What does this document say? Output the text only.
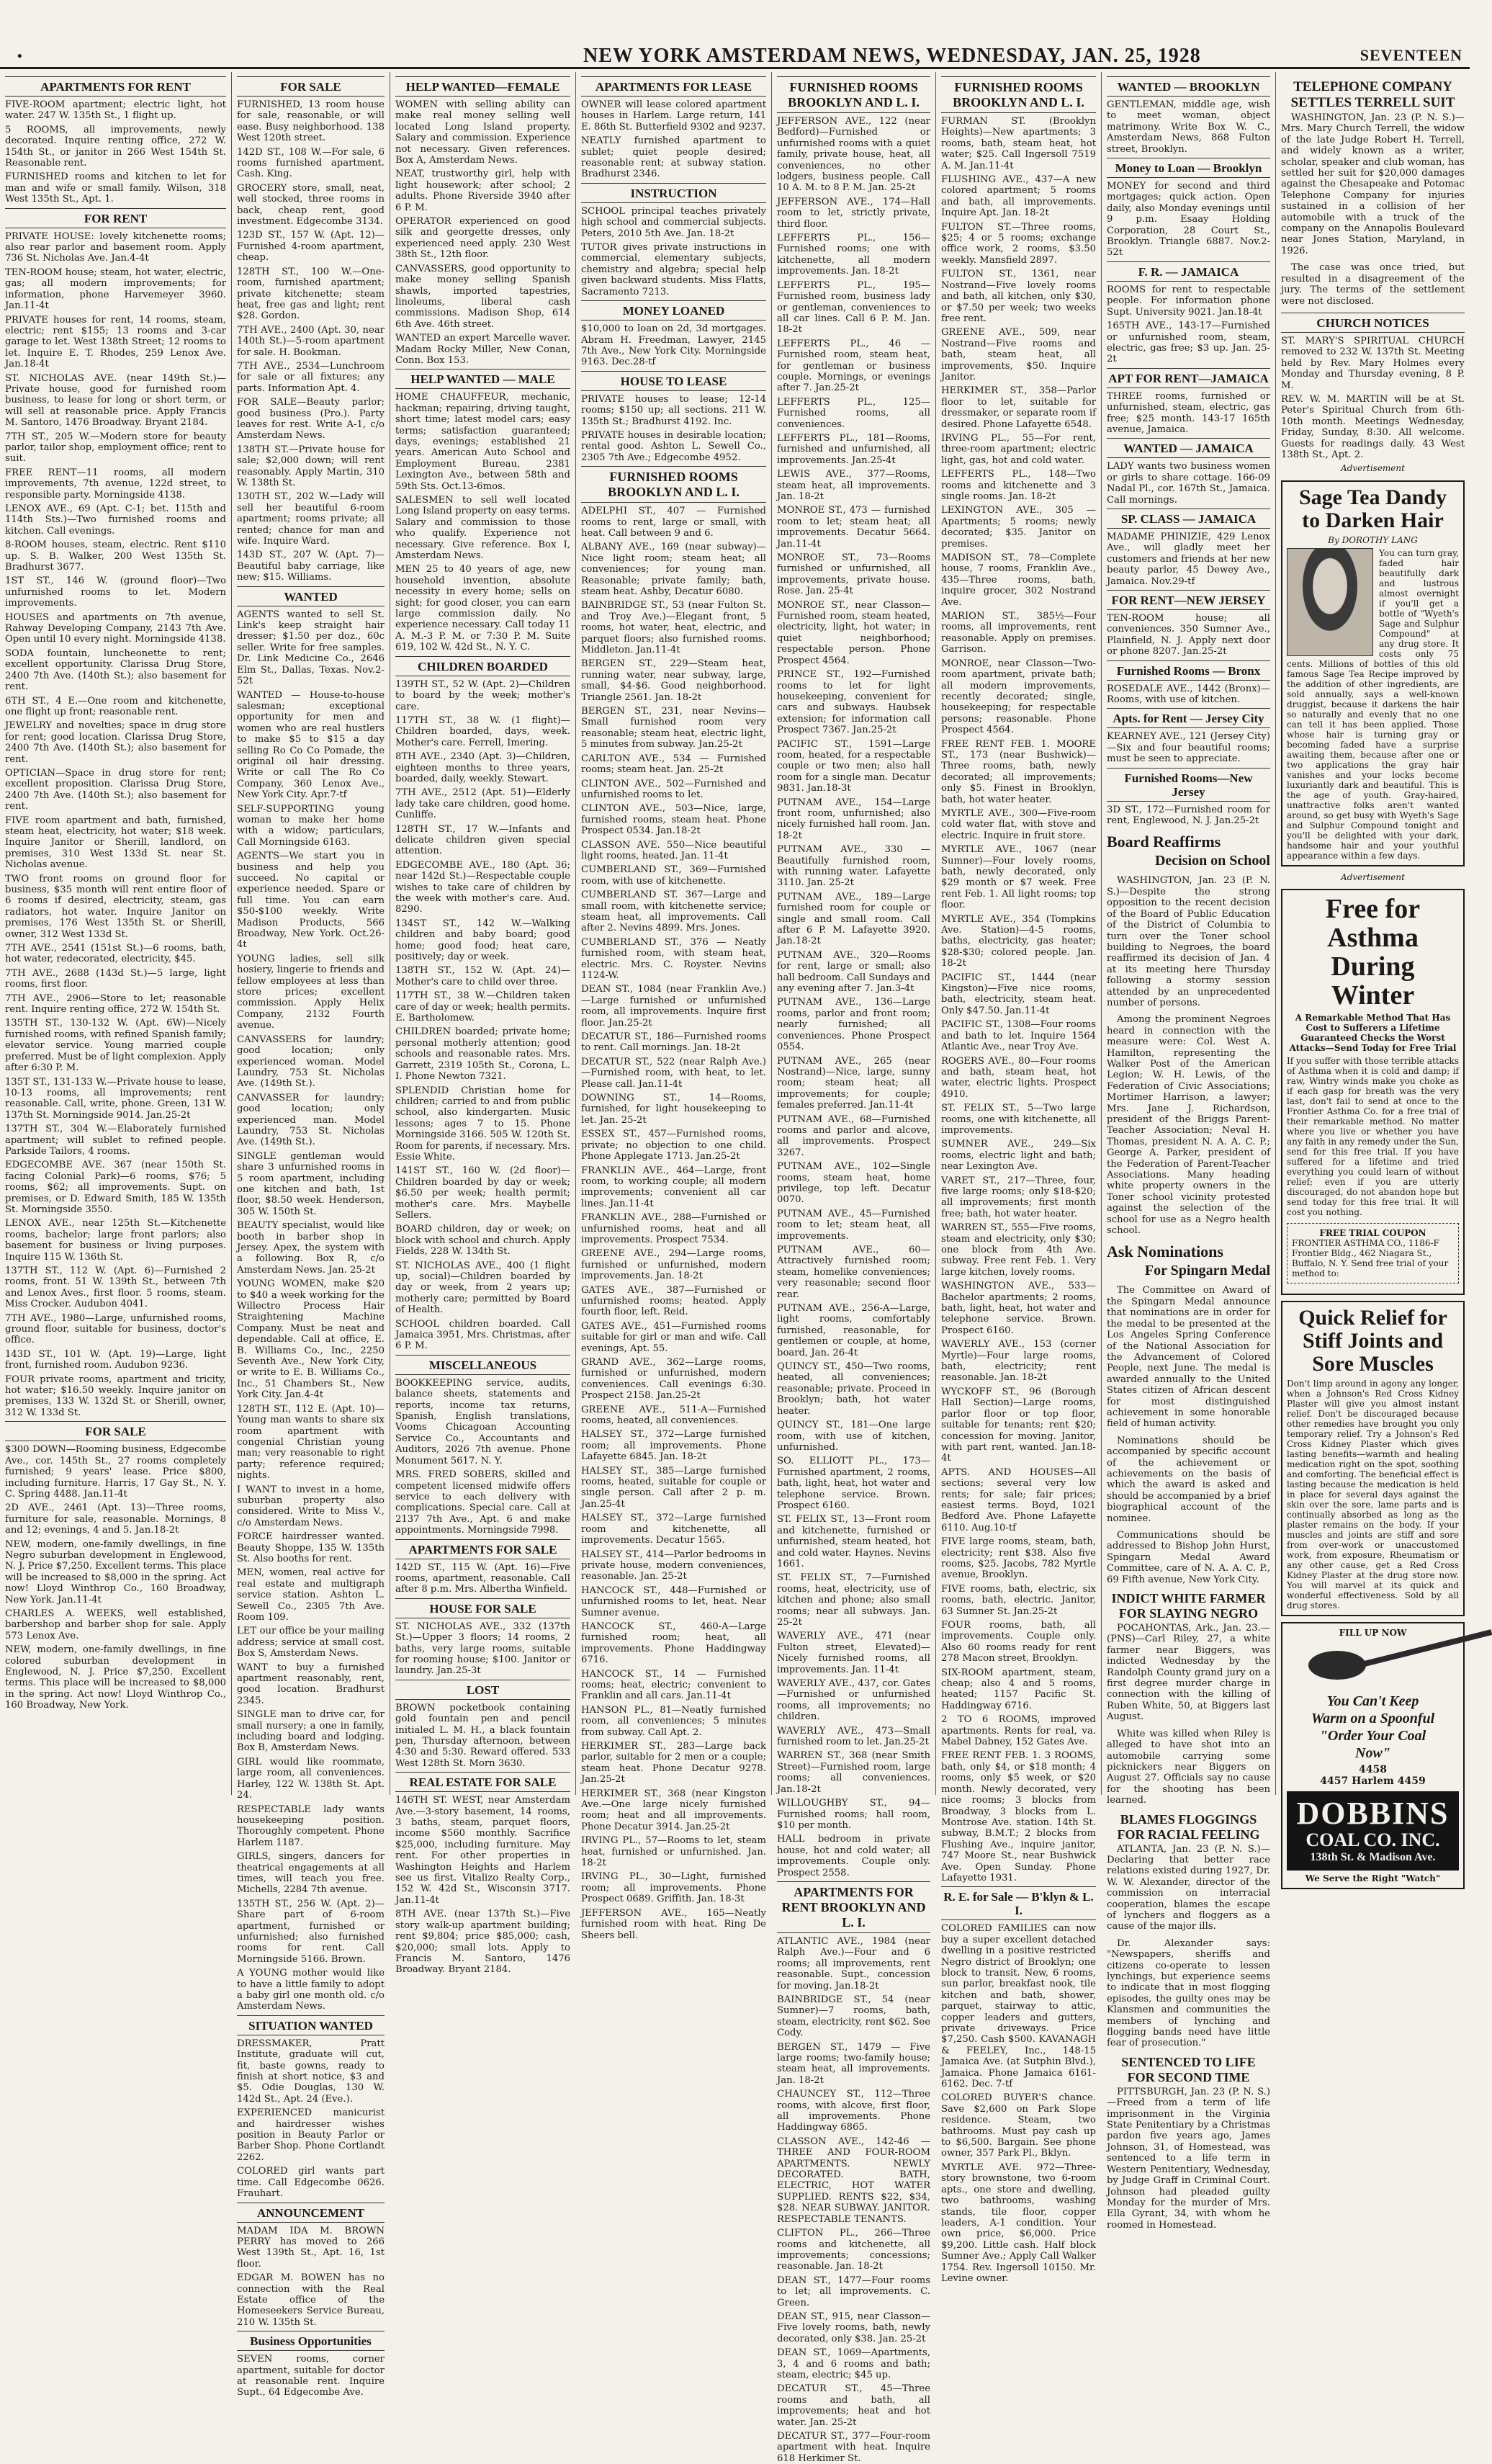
•	NEW YORK AMSTERDAM NEWS, WEDNESDAY, JAN. 25, 1928	SEVENTEEN
APARTMENTS FOR RENT
FIVE-ROOM apartment; electric light, hot water. 247 W. 135th St., 1 flight up.
5 ROOMS, all improvements, newly decorated. Inquire renting office, 272 W. 154th St., or janitor in 266 West 154th St. Reasonable rent.
FURNISHED rooms and kitchen to let for man and wife or small family. Wilson, 318 West 135th St., Apt. 1.
FOR RENT
PRIVATE HOUSE: lovely kitchenette rooms; also rear parlor and basement room. Apply 736 St. Nicholas Ave. Jan.4-4t
TEN-ROOM house; steam, hot water, electric, gas; all modern improvements; for information, phone Harvemeyer 3960. Jan.11-4t
PRIVATE houses for rent, 14 rooms, steam, electric; rent $155; 13 rooms and 3-car garage to let. West 138th Street; 12 rooms to let. Inquire E. T. Rhodes, 259 Lenox Ave. Jan.18-4t
ST. NICHOLAS AVE. (near 149th St.)—Private house, good for furnished room business, to lease for long or short term, or will sell at reasonable price. Apply Francis M. Santoro, 1476 Broadway. Bryant 2184.
7TH ST., 205 W.—Modern store for beauty parlor, tailor shop, employment office; rent to suit.
FREE RENT—11 rooms, all modern improvements, 7th avenue, 122d street, to responsible party. Morningside 4138.
LENOX AVE., 69 (Apt. C-1; bet. 115th and 114th Sts.)—Two furnished rooms and kitchen. Call evenings.
8-ROOM houses, steam, electric. Rent $110 up. S. B. Walker, 200 West 135th St. Bradhurst 3677.
1ST ST., 146 W. (ground floor)—Two unfurnished rooms to let. Modern improvements.
HOUSES and apartments on 7th avenue, Rahway Developing Company, 2143 7th Ave. Open until 10 every night. Morningside 4138.
SODA fountain, luncheonette to rent; excellent opportunity. Clarissa Drug Store, 2400 7th Ave. (140th St.); also basement for rent.
6TH ST., 4 E.—One room and kitchenette, one flight up front; reasonable rent.
JEWELRY and novelties; space in drug store for rent; good location. Clarissa Drug Store, 2400 7th Ave. (140th St.); also basement for rent.
OPTICIAN—Space in drug store for rent; excellent proposition. Clarissa Drug Store, 2400 7th Ave. (140th St.); also basement for rent.
FIVE room apartment and bath, furnished, steam heat, electricity, hot water; $18 week. Inquire Janitor or Sherill, landlord, on premises, 310 West 133d St. near St. Nicholas avenue.
TWO front rooms on ground floor for business, $35 month will rent entire floor of 6 rooms if desired, electricity, steam, gas radiators, hot water. Inquire Janitor on premises, 176 West 135th St. or Sherill, owner, 312 West 133d St.
7TH AVE., 2541 (151st St.)—6 rooms, bath, hot water, redecorated, electricity, $45.
7TH AVE., 2688 (143d St.)—5 large, light rooms, first floor.
7TH AVE., 2906—Store to let; reasonable rent. Inquire renting office, 272 W. 154th St.
135TH ST., 130-132 W. (Apt. 6W)—Nicely furnished rooms, with refined Spanish family; elevator service. Young married couple preferred. Must be of light complexion. Apply after 6:30 P. M.
135T ST., 131-133 W.—Private house to lease, 10-13 rooms, all improvements; rent reasonable. Call, write, phone. Green, 131 W. 137th St. Morningside 9014. Jan.25-2t
137TH ST., 304 W.—Elaborately furnished apartment; will sublet to refined people. Parkside Tailors, 4 rooms.
EDGECOMBE AVE. 367 (near 150th St. facing Colonial Park)—6 rooms, $76; 5 rooms, $62; all improvements. Supt. on premises, or D. Edward Smith, 185 W. 135th St. Morningside 3550.
LENOX AVE., near 125th St.—Kitchenette rooms, bachelor; large front parlors; also basement for business or living purposes. Inquire 115 W. 136th St.
137TH ST., 112 W. (Apt. 6)—Furnished 2 rooms, front. 51 W. 139th St., between 7th and Lenox Aves., first floor. 5 rooms, steam. Miss Crocker. Audubon 4041.
7TH AVE., 1980—Large, unfurnished rooms, ground floor, suitable for business, doctor's office.
143D ST., 101 W. (Apt. 19)—Large, light front, furnished room. Audubon 9236.
FOUR private rooms, apartment and tricity, hot water; $16.50 weekly. Inquire janitor on premises, 133 W. 132d St. or Sherill, owner, 312 W. 133d St.
FOR SALE
$300 DOWN—Rooming business, Edgecombe Ave., cor. 145th St., 27 rooms completely furnished; 9 years' lease. Price $800, including furniture. Harris, 17 Gay St., N. Y. C. Spring 4488. Jan.11-4t
2D AVE., 2461 (Apt. 13)—Three rooms, furniture for sale, reasonable. Mornings, 8 and 12; evenings, 4 and 5. Jan.18-2t
NEW, modern, one-family dwellings, in fine Negro suburban development in Englewood, N. J. Price $7,250. Excellent terms. This place will be increased to $8,000 in the spring. Act now! Lloyd Winthrop Co., 160 Broadway, New York. Jan.11-4t
CHARLES A. WEEKS, well established, barbershop and barber shop for sale. Apply 573 Lenox Ave.
NEW, modern, one-family dwellings, in fine colored suburban development in Englewood, N. J. Price $7,250. Excellent terms. This place will be increased to $8,000 in the spring. Act now! Lloyd Winthrop Co., 160 Broadway, New York.
FOR SALE
FURNISHED, 13 room house for sale, reasonable, or will ease. Busy neighborhood. 138 West 120th street.
142D ST., 108 W.—For sale, 6 rooms furnished apartment. Cash. King.
GROCERY store, small, neat, well stocked, three rooms in back, cheap rent, good investment. Edgecombe 3134.
123D ST., 157 W. (Apt. 12)—Furnished 4-room apartment, cheap.
128TH ST., 100 W.—One-room, furnished apartment; private kitchenette; steam heat, free gas and light; rent $28. Gordon.
7TH AVE., 2400 (Apt. 30, near 140th St.)—5-room apartment for sale. H. Bookman.
7TH AVE., 2534—Lunchroom for sale or all fixtures; any parts. Information Apt. 4.
FOR SALE—Beauty parlor; good business (Pro.). Party leaves for rest. Write A-1, c/o Amsterdam News.
138TH ST.—Private house for sale; $2,000 down; will rent reasonably. Apply Martin, 310 W. 138th St.
130TH ST., 202 W.—Lady will sell her beautiful 6-room apartment; rooms private; all rented; chance for man and wife. Inquire Ward.
143D ST., 207 W. (Apt. 7)—Beautiful baby carriage, like new; $15. Williams.
WANTED
AGENTS wanted to sell St. Link's keep straight hair dresser; $1.50 per doz., 60c seller. Write for free samples. Dr. Link Medicine Co., 2646 Elm St., Dallas, Texas. Nov.2-52t
WANTED — House-to-house salesman; exceptional opportunity for men and women who are real hustlers to make $5 to $15 a day selling Ro Co Co Pomade, the original oil hair dressing. Write or call The Ro Co Company, 360 Lenox Ave., New York City. Apr.7-tf
SELF-SUPPORTING young woman to make her home with a widow; particulars, Call Morningside 6163.
AGENTS—We start you in business and help you succeed. No capital or experience needed. Spare or full time. You can earn $50-$100 weekly. Write Madison Products, 566 Broadway, New York. Oct.26-4t
YOUNG ladies, sell silk hosiery, lingerie to friends and fellow employees at less than store prices; excellent commission. Apply Helix Company, 2132 Fourth avenue.
CANVASSERS for laundry; good location; only experienced woman. Model Laundry, 753 St. Nicholas Ave. (149th St.).
CANVASSER for laundry; good location; only experienced man. Model Laundry, 753 St. Nicholas Ave. (149th St.).
SINGLE gentleman would share 3 unfurnished rooms in 5 room apartment, including one kitchen and bath, 1st floor, $8.50 week. Henderson, 305 W. 150th St.
BEAUTY specialist, would like booth in barber shop in Jersey. Apex, the system with a following. Box R, c/o Amsterdam News. Jan. 25-2t
YOUNG WOMEN, make $20 to $40 a week working for the Willectro Process Hair Straightening Machine Company. Must be neat and dependable. Call at office, E. B. Williams Co., Inc., 2250 Seventh Ave., New York City, or write to E. B. Williams Co., Inc., 51 Chambers St., New York City. Jan.4-4t
128TH ST., 112 E. (Apt. 10)—Young man wants to share six room apartment with congenial Christian young man; very reasonable to right party; reference required; nights.
I WANT to invest in a home, suburban property also considered. Write to Miss V., c/o Amsterdam News.
FORCE hairdresser wanted. Beauty Shoppe, 135 W. 135th St. Also booths for rent.
MEN, women, real active for real estate and multigraph service station. Ashton L. Sewell Co., 2305 7th Ave. Room 109.
LET our office be your mailing address; service at small cost. Box S, Amsterdam News.
WANT to buy a furnished apartment reasonably, rent, good location. Bradhurst 2345.
SINGLE man to drive car, for small nursery; a one in family, including board and lodging. Box B, Amsterdam News.
GIRL would like roommate, large room, all conveniences. Harley, 122 W. 138th St. Apt. 24.
RESPECTABLE lady wants housekeeping position. Thoroughly competent. Phone Harlem 1187.
GIRLS, singers, dancers for theatrical engagements at all times, will teach you free. Michells, 2284 7th avenue.
135TH ST., 256 W. (Apt. 2)—Share part of 6-room apartment, furnished or unfurnished; also furnished rooms for rent. Call Morningside 5166. Brown.
A YOUNG mother would like to have a little family to adopt a baby girl one month old. c/o Amsterdam News.
SITUATION WANTED
DRESSMAKER, Pratt Institute, graduate will cut, fit, baste gowns, ready to finish at short notice, $3 and $5. Odie Douglas, 130 W. 142d St., Apt. 24 (Eve.).
EXPERIENCED manicurist and hairdresser wishes position in Beauty Parlor or Barber Shop. Phone Cortlandt 2262.
COLORED girl wants part time. Call Edgecombe 0626. Frauhart.
ANNOUNCEMENT
MADAM IDA M. BROWN PERRY has moved to 266 West 139th St., Apt. 16, 1st floor.
EDGAR M. BOWEN has no connection with the Real Estate office of the Homeseekers Service Bureau, 210 W. 135th St.
Business Opportunities
SEVEN rooms, corner apartment, suitable for doctor at reasonable rent. Inquire Supt., 64 Edgecombe Ave.
HELP WANTED—FEMALE
WOMEN with selling ability can make real money selling well located Long Island property. Salary and commission. Experience not necessary. Given references. Box A, Amsterdam News.
NEAT, trustworthy girl, help with light housework; after school; 2 adults. Phone Riverside 3940 after 6 P. M.
OPERATOR experienced on good silk and georgette dresses, only experienced need apply. 230 West 38th St., 12th floor.
CANVASSERS, good opportunity to make money selling Spanish shawls, imported tapestries, linoleums, liberal cash commissions. Madison Shop, 614 6th Ave. 46th street.
WANTED an expert Marcelle waver. Madam Rocky Miller, New Conan, Conn. Box 153.
HELP WANTED — MALE
HOME CHAUFFEUR, mechanic, hackman; repairing, driving taught, short time; latest model cars; easy terms; satisfaction guaranteed; days, evenings; established 21 years. American Auto School and Employment Bureau, 2381 Lexington Ave., between 58th and 59th Sts. Oct.13-6mos.
SALESMEN to sell well located Long Island property on easy terms. Salary and commission to those who qualify. Experience not necessary. Give reference. Box I, Amsterdam News.
MEN 25 to 40 years of age, new household invention, absolute necessity in every home; sells on sight; for good closer, you can earn large commission daily. No experience necessary. Call today 11 A. M.-3 P. M. or 7:30 P. M. Suite 619, 102 W. 42d St., N. Y. C.
CHILDREN BOARDED
139TH ST., 52 W. (Apt. 2)—Children to board by the week; mother's care.
117TH ST., 38 W. (1 flight)—Children boarded, days, week. Mother's care. Ferrell, Imering.
8TH AVE., 2340 (Apt. 3)—Children, eighteen months to three years, boarded, daily, weekly. Stewart.
7TH AVE., 2512 (Apt. 51)—Elderly lady take care children, good home. Cunliffe.
128TH ST., 17 W.—Infants and delicate children given special attention.
EDGECOMBE AVE., 180 (Apt. 36; near 142d St.)—Respectable couple wishes to take care of children by the week with mother's care. Aud. 8290.
134ST ST., 142 W.—Walking children and baby board; good home; good food; heat care, positively; day or week.
138TH ST., 152 W. (Apt. 24)—Mother's care to child over three.
117TH ST., 38 W.—Children taken care of day or week; health permits. E. Bartholomew.
CHILDREN boarded; private home; personal motherly attention; good schools and reasonable rates. Mrs. Garrett, 2319 105th St., Corona, L. I. Phone Newton 7321.
SPLENDID Christian home for children; carried to and from public school, also kindergarten. Music lessons; ages 7 to 15. Phone Morningside 3166. 505 W. 120th St. Room for parents, if necessary. Mrs. Essie White.
141ST ST., 160 W. (2d floor)—Children boarded by day or week; $6.50 per week; health permit; mother's care. Mrs. Maybelle Sellers.
BOARD children, day or week; on block with school and church. Apply Fields, 228 W. 134th St.
ST. NICHOLAS AVE., 400 (1 flight up, social)—Children boarded by day or week, from 2 years up; motherly care; permitted by Board of Health.
SCHOOL children boarded. Call Jamaica 3951, Mrs. Christmas, after 6 P. M.
MISCELLANEOUS
BOOKKEEPING service, audits, balance sheets, statements and reports, income tax returns, Spanish, English translations, Vooms Chicagoan Accounting Service Co., Accountants and Auditors, 2026 7th avenue. Phone Monument 5617. N. Y.
MRS. FRED SOBERS, skilled and competent licensed midwife offers service to each delivery with complications. Special care. Call at 2137 7th Ave., Apt. 6 and make appointments. Morningside 7998.
APARTMENTS FOR SALE
142D ST., 115 W. (Apt. 16)—Five rooms, apartment, reasonable. Call after 8 p.m. Mrs. Albertha Winfield.
HOUSE FOR SALE
ST. NICHOLAS AVE., 332 (137th St.)—Upper 3 floors; 14 rooms, 2 baths, very large rooms, suitable for rooming house; $100. Janitor or laundry. Jan.25-3t
LOST
BROWN pocketbook containing gold fountain pen and pencil initialed L. M. H., a black fountain pen, Thursday afternoon, between 4:30 and 5:30. Reward offered. 533 West 128th St. Morn 3630.
REAL ESTATE FOR SALE
146TH ST. WEST, near Amsterdam Ave.—3-story basement, 14 rooms, 3 baths, steam, parquet floors, income $560 monthly. Sacrifice $25,000, including furniture. May rent. For other properties in Washington Heights and Harlem see us first. Vitalizo Realty Corp., 152 W. 42d St., Wisconsin 3717. Jan.11-4t
8TH AVE. (near 137th St.)—Five story walk-up apartment building; rent $9,804; price $85,000; cash, $20,000; small lots. Apply to Francis M. Santoro, 1476 Broadway. Bryant 2184.
APARTMENTS FOR LEASE
OWNER will lease colored apartment houses in Harlem. Large return, 141 E. 86th St. Butterfield 9302 and 9237.
NEATLY furnished apartment to sublet; quiet people desired; reasonable rent; at subway station. Bradhurst 2346.
INSTRUCTION
SCHOOL principal teaches privately high school and commercial subjects. Peters, 2010 5th Ave. Jan. 18-2t
TUTOR gives private instructions in commercial, elementary subjects, chemistry and algebra; special help given backward students. Miss Flatts, Sacramento 7213.
MONEY LOANED
$10,000 to loan on 2d, 3d mortgages. Abram H. Freedman, Lawyer, 2145 7th Ave., New York City. Morningside 9163. Dec.28-tf
HOUSE TO LEASE
PRIVATE houses to lease; 12-14 rooms; $150 up; all sections. 211 W. 135th St.; Bradhurst 4192. Inc.
PRIVATE houses in desirable location; rental good. Ashton L. Sewell Co., 2305 7th Ave.; Edgecombe 4952.
FURNISHED ROOMS BROOKLYN AND L. I.
ADELPHI ST., 407 — Furnished rooms to rent, large or small, with heat. Call between 9 and 6.
ALBANY AVE., 169 (near subway)—Nice light room; steam heat; all conveniences; for young man. Reasonable; private family; bath, steam heat. Ashby, Decatur 6080.
BAINBRIDGE ST., 53 (near Fulton St. and Troy Ave.)—Elegant front, 5 rooms, hot water, heat, electric, and parquet floors; also furnished rooms. Middleton. Jan.11-4t
BERGEN ST., 229—Steam heat, running water, near subway, large, small, $4-$6. Good neighborhood. Triangle 2561. Jan. 18-2t
BERGEN ST., 231, near Nevins—Small furnished room very reasonable; steam heat, electric light, 5 minutes from subway. Jan.25-2t
CARLTON AVE., 534 — Furnished rooms; steam heat. Jan. 25-2t
CLINTON AVE., 502—Furnished and unfurnished rooms to let.
CLINTON AVE., 503—Nice, large, furnished rooms, steam heat. Phone Prospect 0534. Jan.18-2t
CLASSON AVE. 550—Nice beautiful light rooms, heated. Jan. 11-4t
CUMBERLAND ST., 369—Furnished room, with use of kitchenette.
CUMBERLAND ST. 367—Large and small room, with kitchenette service; steam heat, all improvements. Call after 2. Nevins 4899. Mrs. Jones.
CUMBERLAND ST., 376 — Neatly furnished room, with steam heat, electric. Mrs. C. Royster. Nevins 1124-W.
DEAN ST., 1084 (near Franklin Ave.)—Large furnished or unfurnished room, all improvements. Inquire first floor. Jan.25-2t
DECATUR ST., 186—Furnished rooms to rent. Call mornings. Jan. 18-2t
DECATUR ST., 522 (near Ralph Ave.)—Furnished room, with heat, to let. Please call. Jan.11-4t
DOWNING ST., 14—Rooms, furnished, for light housekeeping to let. Jan. 25-2t
ESSEX ST., 457—Furnished rooms, private; no objection to one child. Phone Applegate 1713. Jan.25-2t
FRANKLIN AVE., 464—Large, front room, to working couple; all modern improvements; convenient all car lines. Jan.11-4t
FRANKLIN AVE., 288—Furnished or unfurnished rooms, heat and all improvements. Prospect 7534.
GREENE AVE., 294—Large rooms, furnished or unfurnished, modern improvements. Jan. 18-2t
GATES AVE., 387—Furnished or unfurnished rooms; heated. Apply fourth floor, left. Reid.
GATES AVE., 451—Furnished rooms suitable for girl or man and wife. Call evenings, Apt. 55.
GRAND AVE., 362—Large rooms, furnished or unfurnished, modern conveniences. Call evenings 6:30. Prospect 2158. Jan.25-2t
GREENE AVE., 511-A—Furnished rooms, heated, all conveniences.
HALSEY ST., 372—Large furnished room; all improvements. Phone Lafayette 6845. Jan. 18-2t
HALSEY ST., 385—Large furnished rooms, heated, suitable for couple or single person. Call after 2 p. m. Jan.25-4t
HALSEY ST., 372—Large furnished room and kitchenette, all improvements. Decatur 1565.
HALSEY ST., 414—Parlor bedrooms in private house, modern conveniences, reasonable. Jan. 25-2t
HANCOCK ST., 448—Furnished or unfurnished rooms to let, heat. Near Sumner avenue.
HANCOCK ST., 460-A—Large furnished room; heat, all improvements. Phone Haddingway 6716.
HANCOCK ST., 14 — Furnished rooms; heat, electric; convenient to Franklin and all cars. Jan.11-4t
HANSON PL., 81—Neatly furnished room, all conveniences; 5 minutes from subway. Call Apt. 2.
HERKIMER ST., 283—Large back parlor, suitable for 2 men or a couple; steam heat. Phone Decatur 9278. Jan.25-2t
HERKIMER ST., 368 (near Kingston Ave.—One large nicely furnished room; heat and all improvements. Phone Decatur 3914. Jan.25-2t
IRVING PL., 57—Rooms to let, steam heat, furnished or unfurnished. Jan. 18-2t
IRVING PL., 30—Light, furnished room; all improvements. Phone Prospect 0689. Griffith. Jan. 18-3t
JEFFERSON AVE., 165—Neatly furnished room with heat. Ring De Sheers bell.
FURNISHED ROOMS BROOKLYN AND L. I.
JEFFERSON AVE., 122 (near Bedford)—Furnished or unfurnished rooms with a quiet family, private house, heat, all conveniences, no other lodgers, business people. Call 10 A. M. to 8 P. M. Jan. 25-2t
JEFFERSON AVE., 174—Hall room to let, strictly private, third floor.
LEFFERTS PL., 156—Furnished rooms; one with kitchenette, all modern improvements. Jan. 18-2t
LEFFERTS PL., 195—Furnished room, business lady or gentleman, conveniences to all car lines. Call 6 P. M. Jan. 18-2t
LEFFERTS PL., 46 — Furnished room, steam heat, for gentleman or business couple. Mornings, or evenings after 7. Jan.25-2t
LEFFERTS PL., 125—Furnished rooms, all conveniences.
LEFFERTS PL., 181—Rooms, furnished and unfurnished, all improvements. Jan.25-4t
LEWIS AVE., 377—Rooms, steam heat, all improvements. Jan. 18-2t
MONROE ST., 473 — furnished room to let; steam heat; all improvements. Decatur 5664. Jan.11-4t
MONROE ST., 73—Rooms furnished or unfurnished, all improvements, private house. Rose. Jan. 25-4t
MONROE ST., near Classon—Furnished room, steam heated, electricity, light, hot water; in quiet neighborhood; respectable person. Phone Prospect 4564.
PRINCE ST., 192—Furnished rooms to let for light housekeeping, convenient for cars and subways. Haubsek extension; for information call Prospect 7367. Jan.25-2t
PACIFIC ST., 1591—Large room, heated, for a respectable couple or two men; also hall room for a single man. Decatur 9831. Jan.18-3t
PUTNAM AVE., 154—Large front room, unfurnished; also nicely furnished hall room. Jan. 18-2t
PUTNAM AVE., 330 — Beautifully furnished room, with running water. Lafayette 3110. Jan. 25-2t
PUTNAM AVE., 189—Large furnished room for couple or single and small room. Call after 6 P. M. Lafayette 3920. Jan.18-2t
PUTNAM AVE., 320—Rooms for rent, large or small; also hall bedroom. Call Sundays and any evening after 7. Jan.3-4t
PUTNAM AVE., 136—Large rooms, parlor and front room; nearly furnished; all conveniences. Phone Prospect 0554.
PUTNAM AVE., 265 (near Nostrand)—Nice, large, sunny room; steam heat; all improvements; for couple; females preferred. Jan.11-4t
PUTNAM AVE., 68—Furnished rooms and parlor and alcove, all improvements. Prospect 3267.
PUTNAM AVE., 102—Single rooms, steam heat, home privilege, top left. Decatur 0070.
PUTNAM AVE., 45—Furnished room to let; steam heat, all improvements.
PUTNAM AVE., 60—Attractively furnished room; steam, homelike conveniences; very reasonable; second floor rear.
PUTNAM AVE., 256-A—Large, light rooms, comfortably furnished, reasonable, for gentlemen or couple, at home, board, Jan. 26-4t
QUINCY ST., 450—Two rooms, heated, all conveniences; reasonable; private. Proceed in Brooklyn; bath, hot water heater.
QUINCY ST., 181—One large room, with use of kitchen, unfurnished.
SO. ELLIOTT PL., 173—Furnished apartment, 2 rooms, bath, light, heat, hot water and telephone service. Brown. Prospect 6160.
ST. FELIX ST., 13—Front room and kitchenette, furnished or unfurnished, steam heated, hot and cold water. Haynes. Nevins 1661.
ST. FELIX ST., 7—Furnished rooms, heat, electricity, use of kitchen and phone; also small rooms; near all subways. Jan. 25-2t
WAVERLY AVE., 471 (near Fulton street, Elevated)—Nicely furnished rooms, all improvements. Jan. 11-4t
WAVERLY AVE., 437, cor. Gates—Furnished or unfurnished rooms, all improvements; no children.
WAVERLY AVE., 473—Small furnished room to let. Jan.25-2t
WARREN ST., 368 (near Smith Street)—Furnished room, large rooms; all conveniences. Jan.18-2t
WILLOUGHBY ST., 94—Furnished rooms; hall room, $10 per month.
HALL bedroom in private house, hot and cold water; all improvements. Couple only. Prospect 2558.
APARTMENTS FOR RENT BROOKLYN AND L. I.
ATLANTIC AVE., 1984 (near Ralph Ave.)—Four and 6 rooms; all improvements, rent reasonable. Supt., concession for moving. Jan.18-2t
BAINBRIDGE ST., 54 (near Sumner)—7 rooms, bath, steam, electricity, rent $62. See Cody.
BERGEN ST., 1479 — Five large rooms; two-family house; steam heat, all improvements. Jan. 18-2t
CHAUNCEY ST., 112—Three rooms, with alcove, first floor, all improvements. Phone Haddingway 6865.
CLASSON AVE., 142-46 — THREE AND FOUR-ROOM APARTMENTS. NEWLY DECORATED. BATH, ELECTRIC, HOT WATER SUPPLIED. RENTS $22, $34, $28. NEAR SUBWAY. JANITOR. RESPECTABLE TENANTS.
CLIFTON PL., 266—Three rooms and kitchenette, all improvements; concessions; reasonable. Jan. 18-2t
DEAN ST., 1477—Four rooms to let; all improvements. C. Green.
DEAN ST., 915, near Classon—Five lovely rooms, bath, newly decorated, only $38. Jan. 25-2t
DEAN ST., 1069—Apartments, 3, 4 and 6 rooms and bath; steam, electric; $45 up.
DECATUR ST., 45—Three rooms and bath, all improvements; heat and hot water. Jan. 25-2t
DECATUR ST., 377—Four-room apartment with heat. Inquire 618 Herkimer St.
FURNISHED ROOMS BROOKLYN AND L. I.
FURMAN ST. (Brooklyn Heights)—New apartments; 3 rooms, bath, steam heat, hot water; $25. Call Ingersoll 7519 A. M. Jan.11-4t
FLUSHING AVE., 437—A new colored apartment; 5 rooms and bath, all improvements. Inquire Apt. Jan. 18-2t
FULTON ST.—Three rooms, $25; 4 or 5 rooms; exchange office work, 2 rooms, $3.50 weekly. Mansfield 2897.
FULTON ST., 1361, near Nostrand—Five lovely rooms and bath, all kitchen, only $30, or $7.50 per week; two weeks free rent.
GREENE AVE., 509, near Nostrand—Five rooms and bath, steam heat, all improvements, $50. Inquire Janitor.
HERKIMER ST., 358—Parlor floor to let, suitable for dressmaker, or separate room if desired. Phone Lafayette 6548.
IRVING PL., 55—For rent, three-room apartment; electric light, gas, hot and cold water.
LEFFERTS PL., 148—Two rooms and kitchenette and 3 single rooms. Jan. 18-2t
LEXINGTON AVE., 305 — Apartments; 5 rooms; newly decorated; $35. Janitor on premises.
MADISON ST., 78—Complete house, 7 rooms, Franklin Ave., 435—Three rooms, bath, inquire grocer, 302 Nostrand Ave.
MARION ST., 385½—Four rooms, all improvements, rent reasonable. Apply on premises. Garrison.
MONROE, near Classon—Two-room apartment, private bath; all modern improvements, recently decorated; single, housekeeping; for respectable persons; reasonable. Phone Prospect 4564.
FREE RENT FEB. 1. MOORE ST., 173 (near Bushwick)—Three rooms, bath, newly decorated; all improvements; only $5. Finest in Brooklyn, bath, hot water heater.
MYRTLE AVE., 300—Five-room cold water flat, with stove and electric. Inquire in fruit store.
MYRTLE AVE., 1067 (near Sumner)—Four lovely rooms, bath, newly decorated, only $29 month or $7 week. Free rent Feb. 1. All light rooms; top floor.
MYRTLE AVE., 354 (Tompkins Ave. Station)—4-5 rooms, baths, electricity, gas heater; $28-$30; colored people. Jan. 18-2t
PACIFIC ST., 1444 (near Kingston)—Five nice rooms, bath, electricity, steam heat. Only $47.50. Jan.11-4t
PACIFIC ST., 1308—Four rooms and bath to let. Inquire 1564 Atlantic Ave., near Troy Ave.
ROGERS AVE., 80—Four rooms and bath, steam heat, hot water, electric lights. Prospect 4910.
ST. FELIX ST., 5—Two large rooms, one with kitchenette, all improvements.
SUMNER AVE., 249—Six rooms, electric light and bath; near Lexington Ave.
VARET ST., 217—Three, four, five large rooms; only $18-$20; all improvements; first month free; bath, hot water heater.
WARREN ST., 555—Five rooms, steam and electricity, only $30; one block from 4th Ave. subway. Free rent Feb. 1. Very large kitchen, lovely rooms.
WASHINGTON AVE., 533—Bachelor apartments; 2 rooms, bath, light, heat, hot water and telephone service. Brown. Prospect 6160.
WAVERLY AVE., 153 (corner Myrtle)—Four large rooms, bath, electricity; rent reasonable. Jan. 18-2t
WYCKOFF ST., 96 (Borough Hall Section)—Large rooms, parlor floor or top floor, suitable for tenants; rent $20; concession for moving. Janitor, with part rent, wanted. Jan.18-4t
APTS. AND HOUSES—All sections; several very low rents; for sale; fair prices; easiest terms. Boyd, 1021 Bedford Ave. Phone Lafayette 6110. Aug.10-tf
FIVE large rooms, steam, bath, electricity; rent $38. Also five rooms, $25. Jacobs, 782 Myrtle avenue, Brooklyn.
FIVE rooms, bath, electric, six rooms, bath, electric. Janitor, 63 Sumner St. Jan.25-2t
FOUR rooms, bath, all improvements. Couple only. Also 60 rooms ready for rent 278 Macon street, Brooklyn.
SIX-ROOM apartment, steam, cheap; also 4 and 5 rooms, heated; 1157 Pacific St. Haddingway 6716.
2 TO 6 ROOMS, improved apartments. Rents for real, va. Mabel Dabney, 152 Gates Ave.
FREE RENT FEB. 1. 3 ROOMS, bath, only $4, or $18 month; 4 rooms, only $5 week, or $20 month. Newly decorated, very nice rooms; 3 blocks from Broadway, 3 blocks from L. Montrose Ave. station. 14th St. subway, B.M.T.; 2 blocks from Flushing Ave., inquire janitor, 747 Moore St., near Bushwick Ave. Open Sunday. Phone Lafayette 1931.
R. E. for Sale — B'klyn & L. I.
COLORED FAMILIES can now buy a super excellent detached dwelling in a positive restricted Negro district of Brooklyn; one block to transit. New, 6 rooms, sun parlor, breakfast nook, tile kitchen and bath, shower, parquet, stairway to attic, copper leaders and gutters, private driveways. Price $7,250. Cash $500. KAVANAGH & FEELEY, Inc., 148-15 Jamaica Ave. (at Sutphin Blvd.), Jamaica. Phone Jamaica 6161-6162. Dec. 7-tf
COLORED BUYER'S chance. Save $2,600 on Park Slope residence. Steam, two bathrooms. Must pay cash up to $6,500. Bargain. See phone owner, 357 Park Pl., Bklyn.
MYRTLE AVE. 972—Three-story brownstone, two 6-room apts., one store and dwelling, two bathrooms, washing stands, tile floor, copper leaders, A-1 condition. Your own price, $6,000. Price $9,200. Little cash. Half block Sumner Ave.; Apply Call Walker 1754. Rev. Ingersoll 10150. Mr. Levine owner.
WANTED — BROOKLYN
GENTLEMAN, middle age, wish to meet woman, object matrimony. Write Box W. C., Amsterdam News, 868 Fulton street, Brooklyn.
Money to Loan — Brooklyn
MONEY for second and third mortgages; quick action. Open daily, also Monday evenings until 9 p.m. Esaay Holding Corporation, 28 Court St., Brooklyn. Triangle 6887. Nov.2-52t
F. R. — JAMAICA
ROOMS for rent to respectable people. For information phone Supt. University 9021. Jan.18-4t
165TH AVE., 143-17—Furnished or unfurnished room, steam, electric, gas free; $3 up. Jan. 25-2t
APT FOR RENT—JAMAICA
THREE rooms, furnished or unfurnished, steam, electric, gas free; $25 month. 143-17 165th avenue, Jamaica.
WANTED — JAMAICA
LADY wants two business women or girls to share cottage. 166-09 Nadal Pl., cor. 167th St., Jamaica. Call mornings.
SP. CLASS — JAMAICA
MADAME PHINIZIE, 429 Lenox Ave., will gladly meet her customers and friends at her new beauty parlor, 45 Dewey Ave., Jamaica. Nov.29-tf
FOR RENT—NEW JERSEY
TEN-ROOM house; all conveniences. 350 Sumner Ave., Plainfield, N. J. Apply next door or phone 8207. Jan.25-2t
Furnished Rooms — Bronx
ROSEDALE AVE., 1442 (Bronx)—Rooms, with use of kitchen.
Apts. for Rent — Jersey City
KEARNEY AVE., 121 (Jersey City)—Six and four beautiful rooms; must be seen to appreciate.
Furnished Rooms—New Jersey
3D ST., 172—Furnished room for rent, Englewood, N. J. Jan.25-2t
Board Reaffirms
Decision on School
WASHINGTON, Jan. 23 (P. N. S.)—Despite the strong opposition to the recent decision of the Board of Public Education of the District of Columbia to turn over the Toner school building to Negroes, the board reaffirmed its decision of Jan. 4 at its meeting here Thursday following a stormy session attended by an unprecedented number of persons.
Among the prominent Negroes heard in connection with the measure were: Col. West A. Hamilton, representing the Walker Post of the American Legion; W. H. Lewis, of the Federation of Civic Associations; Mortimer Harrison, a lawyer; Mrs. Jane J. Richardson, president of the Briggs Parent-Teacher Association; Neval H. Thomas, president N. A. A. C. P.; George A. Parker, president of the Federation of Parent-Teacher Associations. Many heading white property owners in the Toner school vicinity protested against the selection of the school for use as a Negro health school.
Ask Nominations
For Spingarn Medal
The Committee on Award of the Spingarn Medal announce that nominations are in order for the medal to be presented at the Los Angeles Spring Conference of the National Association for the Advancement of Colored People, next June. The medal is awarded annually to the United States citizen of African descent for most distinguished achievement in some honorable field of human activity.
Nominations should be accompanied by specific account of the achievement or achievements on the basis of which the award is asked and should be accompanied by a brief biographical account of the nominee.
Communications should be addressed to Bishop John Hurst, Spingarn Medal Award Committee, care of N. A. A. C. P., 69 Fifth avenue, New York City.
INDICT WHITE FARMER FOR SLAYING NEGRO
POCAHONTAS, Ark., Jan. 23.—(PNS)—Carl Riley, 27, a white farmer near Biggers, was indicted Wednesday by the Randolph County grand jury on a first degree murder charge in connection with the killing of Ruben White, 50, at Biggers last August.
White was killed when Riley is alleged to have shot into an automobile carrying some picknickers near Biggers on August 27. Officials say no cause for the shooting has been learned.
BLAMES FLOGGINGS FOR RACIAL FEELING
ATLANTA, Jan. 23 (P. N. S.)—Declaring that better race relations existed during 1927, Dr. W. W. Alexander, director of the commission on interracial cooperation, blames the escape of lynchers and floggers as a cause of the major ills.
Dr. Alexander says: "Newspapers, sheriffs and citizens co-operate to lessen lynchings, but experience seems to indicate that in most flogging episodes, the guilty ones may be Klansmen and communities the members of lynching and flogging bands need have little fear of prosecution."
SENTENCED TO LIFE FOR SECOND TIME
PITTSBURGH, Jan. 23 (P. N. S.)—Freed from a term of life imprisonment in the Virginia State Penitentiary by a Christmas pardon five years ago, James Johnson, 31, of Homestead, was sentenced to a life term in Western Penitentiary, Wednesday, by Judge Graff in Criminal Court. Johnson had pleaded guilty Monday for the murder of Mrs. Ella Gyrant, 34, with whom he roomed in Homestead.
TELEPHONE COMPANY SETTLES TERRELL SUIT
WASHINGTON, Jan. 23 (P. N. S.)—Mrs. Mary Church Terrell, the widow of the late Judge Robert H. Terrell, and widely known as a writer, scholar, speaker and club woman, has settled her suit for $20,000 damages against the Chesapeake and Potomac Telephone Company for injuries sustained in a collision of her automobile with a truck of the company on the Annapolis Boulevard near Jones Station, Maryland, in 1926.
The case was once tried, but resulted in a disagreement of the jury. The terms of the settlement were not disclosed.
CHURCH NOTICES
ST. MARY'S SPIRITUAL CHURCH removed to 232 W. 137th St. Meeting held by Rev. Mary Holmes every Monday and Thursday evening, 8 P. M.
REV. W. M. MARTIN will be at St. Peter's Spiritual Church from 6th-10th month. Meetings Wednesday, Friday, Sunday, 8:30. All welcome. Guests for readings daily. 43 West 138th St., Apt. 2.
Advertisement
Sage Tea Dandy
to Darken Hair
By DOROTHY LANG
You can turn gray, faded hair beautifully dark and lustrous almost overnight if you'll get a bottle of "Wyeth's Sage and Sulphur Compound" at any drug store. It costs only 75 cents. Millions of bottles of this old famous Sage Tea Recipe improved by the addition of other ingredients, are sold annually, says a well-known druggist, because it darkens the hair so naturally and evenly that no one can tell it has been applied. Those whose hair is turning gray or becoming faded have a surprise awaiting them, because after one or two applications the gray hair vanishes and your locks become luxuriantly dark and beautiful. This is the age of youth. Gray-haired, unattractive folks aren't wanted around, so get busy with Wyeth's Sage and Sulphur Compound tonight and you'll be delighted with your dark, handsome hair and your youthful appearance within a few days.
Advertisement
Free for Asthma
During Winter
A Remarkable Method That Has Cost to Sufferers a Lifetime Guaranteed Checks the Worst Attacks—Send Today for Free Trial
If you suffer with those terrible attacks of Asthma when it is cold and damp; if raw, Wintry winds make you choke as if each gasp for breath was the very last, don't fail to send at once to the Frontier Asthma Co. for a free trial of their remarkable method. No matter where you live or whether you have any faith in any remedy under the Sun, send for this free trial. If you have suffered for a lifetime and tried everything you could learn of without relief; even if you are utterly discouraged, do not abandon hope but send today for this free trial. It will cost you nothing.
FREE TRIAL COUPON
FRONTIER ASTHMA CO., 1186-F Frontier Bldg., 462 Niagara St., Buffalo, N. Y. Send free trial of your method to:
Quick Relief for
Stiff Joints and
Sore Muscles
Don't limp around in agony any longer, when a Johnson's Red Cross Kidney Plaster will give you almost instant relief. Don't be discouraged because other remedies have brought you only temporary relief. Try a Johnson's Red Cross Kidney Plaster which gives lasting benefits—warmth and healing medication right on the spot, soothing and comforting. The beneficial effect is lasting because the medication is held in place for several days against the skin over the sore, lame parts and is continually absorbed as long as the plaster remains on the body. If your muscles and joints are stiff and sore from over-work or unaccustomed work, from exposure, Rheumatism or any other cause, get a Red Cross Kidney Plaster at the drug store now. You will marvel at its quick and wonderful effectiveness. Sold by all drug stores.
FILL UP NOW
You Can't Keep
Warm on a Spoonful
"Order Your Coal
Now"
4458
4457 Harlem 4459
DOBBINS
COAL CO. INC.
138th St. & Madison Ave.
We Serve the Right "Watch"
